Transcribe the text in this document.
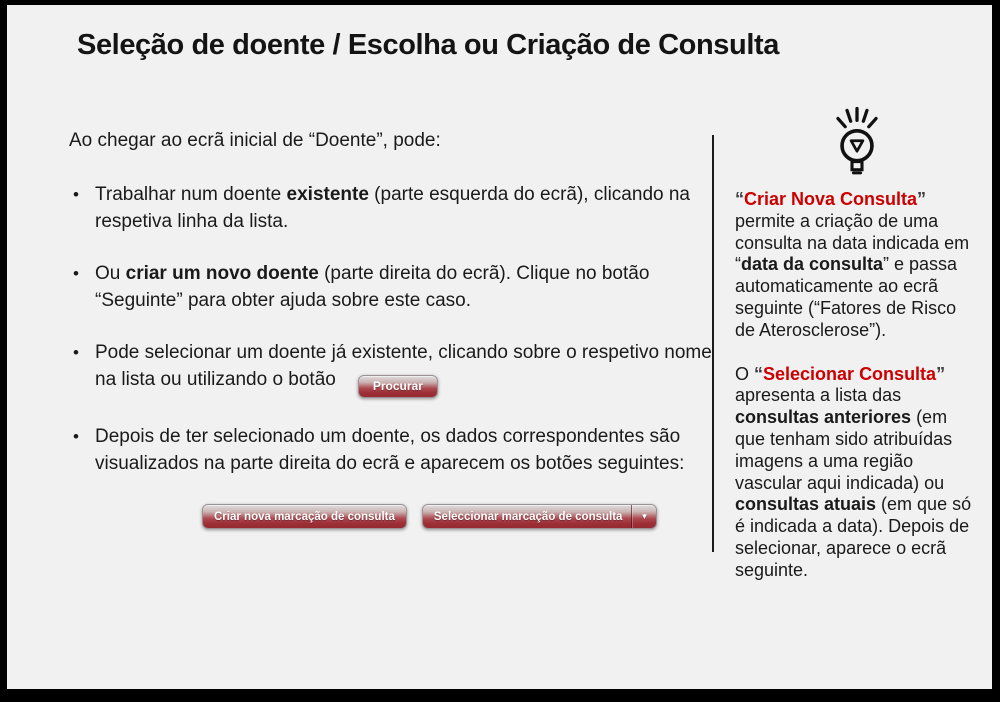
Seleção de doente / Escolha ou Criação de Consulta

Ao chegar ao ecrã inicial de “Doente”, pode:

• Trabalhar num doente existente (parte esquerda do ecrã), clicando na respetiva linha da lista.
• Ou criar um novo doente (parte direita do ecrã). Clique no botão “Seguinte” para obter ajuda sobre este caso.
• Pode selecionar um doente já existente, clicando sobre o respetivo nome na lista ou utilizando o botão	Procurar
• Depois de ter selecionado um doente, os dados correspondentes são visualizados na parte direita do ecrã e aparecem os botões seguintes:
Criar nova marcação de consulta	Seleccionar marcação de consulta	▼

“Criar Nova Consulta” permite a criação de uma consulta na data indicada em “data da consulta” e passa automaticamente ao ecrã seguinte (“Fatores de Risco de Aterosclerose”).

O “Selecionar Consulta” apresenta a lista das consultas anteriores (em que tenham sido atribuídas imagens a uma região vascular aqui indicada) ou consultas atuais (em que só é indicada a data). Depois de selecionar, aparece o ecrã seguinte.
